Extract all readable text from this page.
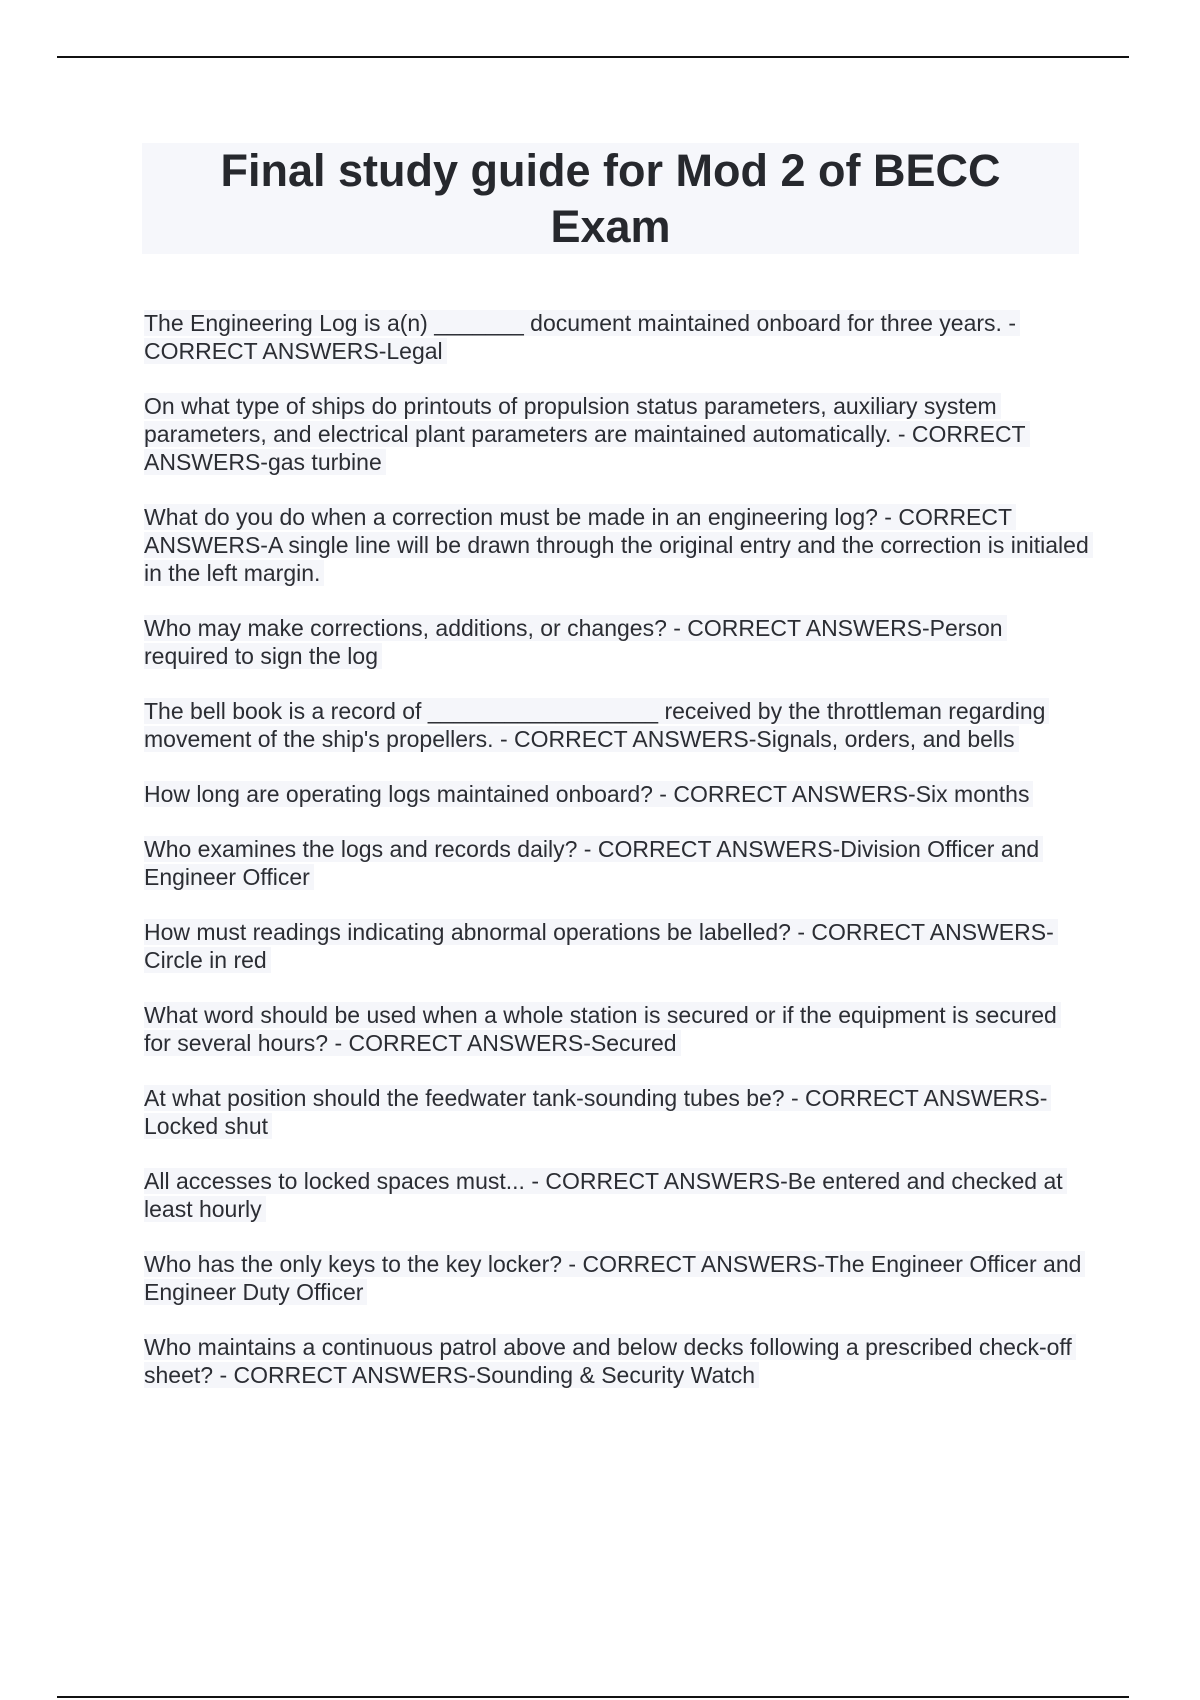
Final study guide for Mod 2 of BECC Exam

The Engineering Log is a(n) _______ document maintained onboard for three years. - CORRECT ANSWERS-Legal

On what type of ships do printouts of propulsion status parameters, auxiliary system parameters, and electrical plant parameters are maintained automatically. - CORRECT ANSWERS-gas turbine

What do you do when a correction must be made in an engineering log? - CORRECT ANSWERS-A single line will be drawn through the original entry and the correction is initialed in the left margin.

Who may make corrections, additions, or changes? - CORRECT ANSWERS-Person required to sign the log

The bell book is a record of __________________ received by the throttleman regarding movement of the ship's propellers. - CORRECT ANSWERS-Signals, orders, and bells

How long are operating logs maintained onboard? - CORRECT ANSWERS-Six months

Who examines the logs and records daily? - CORRECT ANSWERS-Division Officer and Engineer Officer

How must readings indicating abnormal operations be labelled? - CORRECT ANSWERS-Circle in red

What word should be used when a whole station is secured or if the equipment is secured for several hours? - CORRECT ANSWERS-Secured

At what position should the feedwater tank-sounding tubes be? - CORRECT ANSWERS-Locked shut

All accesses to locked spaces must... - CORRECT ANSWERS-Be entered and checked at least hourly

Who has the only keys to the key locker? - CORRECT ANSWERS-The Engineer Officer and Engineer Duty Officer

Who maintains a continuous patrol above and below decks following a prescribed check-off sheet? - CORRECT ANSWERS-Sounding & Security Watch
